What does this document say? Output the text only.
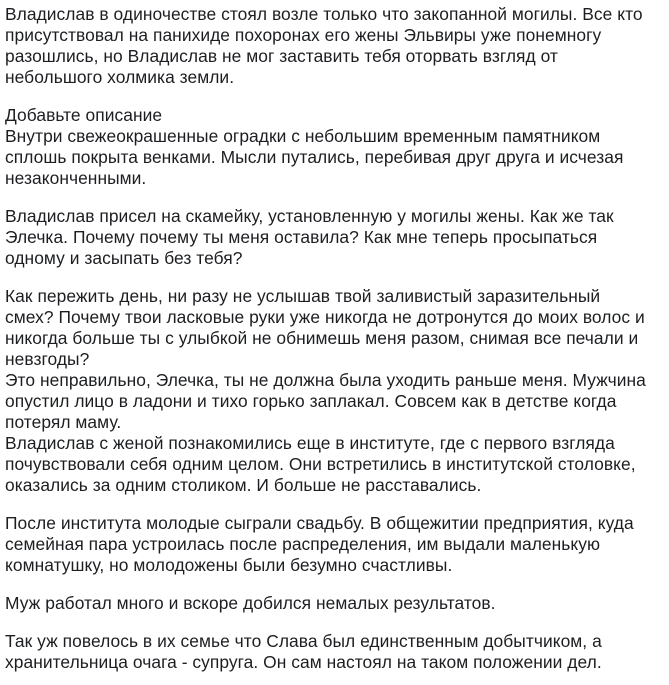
Владислав в одиночестве стоял возле только что закопанной могилы. Все кто
присутствовал на панихиде похоронах его жены Эльвиры уже понемногу
разошлись, но Владислав не мог заставить тебя оторвать взгляд от
небольшого холмика земли.
Добавьте описание
Внутри свежеокрашенные оградки с небольшим временным памятником
сплошь покрыта венками. Мысли путались, перебивая друг друга и исчезая
незаконченными.
Владислав присел на скамейку, установленную у могилы жены. Как же так
Элечка. Почему почему ты меня оставила? Как мне теперь просыпаться
одному и засыпать без тебя?
Как пережить день, ни разу не услышав твой заливистый заразительный
смех? Почему твои ласковые руки уже никогда не дотронутся до моих волос и
никогда больше ты с улыбкой не обнимешь меня разом, снимая все печали и
невзгоды?
Это неправильно, Элечка, ты не должна была уходить раньше меня. Мужчина
опустил лицо в ладони и тихо горько заплакал. Совсем как в детстве когда
потерял маму.
Владислав с женой познакомились еще в институте, где с первого взгляда
почувствовали себя одним целом. Они встретились в институтской столовке,
оказались за одним столиком. И больше не расставались.
После института молодые сыграли свадьбу. В общежитии предприятия, куда
семейная пара устроилась после распределения, им выдали маленькую
комнатушку, но молодожены были безумно счастливы.
Муж работал много и вскоре добился немалых результатов.
Так уж повелось в их семье что Слава был единственным добытчиком, а
хранительница очага - супруга. Он сам настоял на таком положении дел.
